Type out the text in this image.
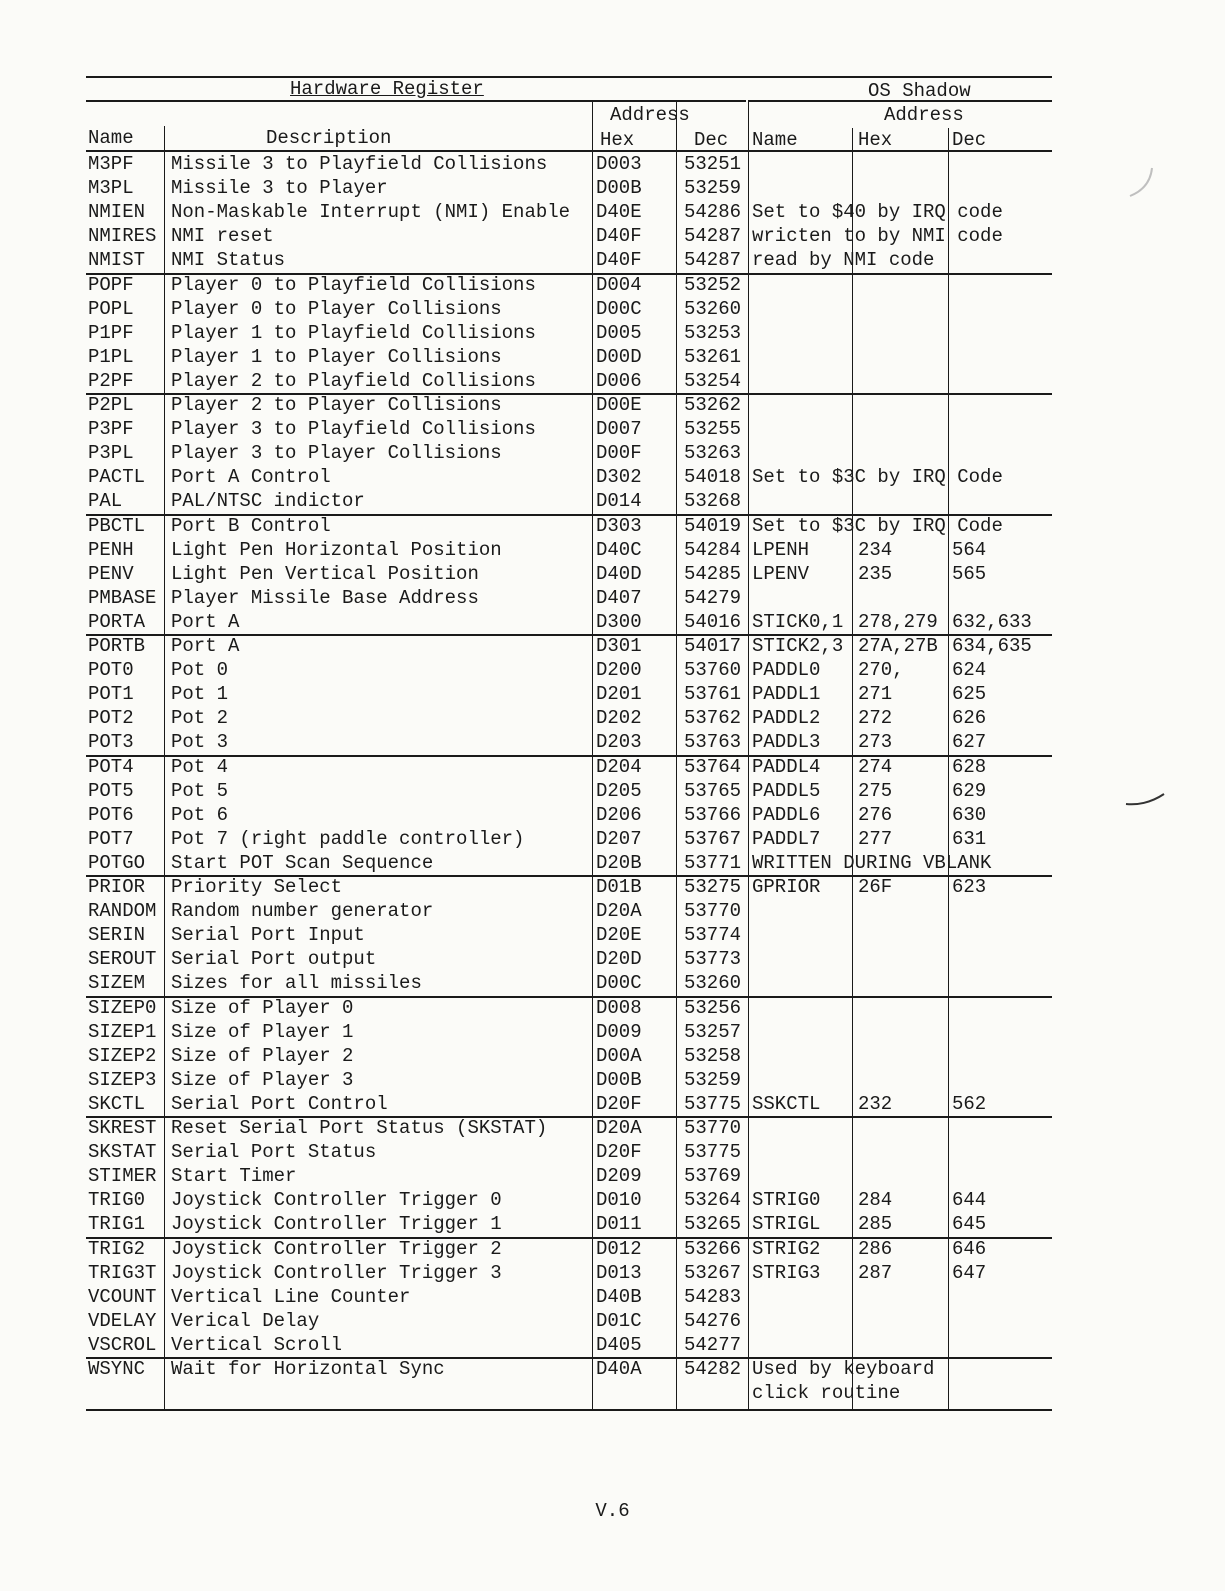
Hardware Register	OS Shadow
Address	Address
Name	Description	Hex	Dec Name	Hex	Dec
M3PF Missile 3 to Playfield Collisions	D003 53251
M3PL Missile 3 to Player	D00B 53259
NMIEN Non-Maskable Interrupt (NMI) Enable D40E 54286 Set to $40 by IRQ code
NMIRES NMI reset	D40F 54287 wricten to by NMI code
NMIST NMI Status	D40F 54287 read by NMI code
POPF Player 0 to Playfield Collisions	D004 53252
POPL Player 0 to Player Collisions	D00C 53260
P1PF Player 1 to Playfield Collisions	D005 53253
P1PL Player 1 to Player Collisions	D00D 53261
P2PF Player 2 to Playfield Collisions	D006 53254
P2PL Player 2 to Player Collisions	D00E 53262
P3PF Player 3 to Playfield Collisions	D007 53255
P3PL Player 3 to Player Collisions	D00F 53263
PACTL Port A Control	D302 54018 Set to $3C by IRQ Code
PAL	PAL/NTSC indictor	D014 53268
PBCTL Port B Control	D303 54019 Set to $3C by IRQ Code
PENH Light Pen Horizontal Position	D40C 54284 LPENH	234	564
PENV Light Pen Vertical Position	D40D 54285 LPENV	235	565
PMBASE Player Missile Base Address	D407 54279
PORTA Port A	D300 54016 STICK0,1 278,279 632,633
PORTB Port A	D301 54017 STICK2,3 27A,27B 634,635
POT0 Pot 0	D200 53760 PADDL0 270,	624
POT1 Pot 1	D201 53761 PADDL1 271	625
POT2 Pot 2	D202 53762 PADDL2 272	626
POT3 Pot 3	D203 53763 PADDL3 273	627
POT4 Pot 4	D204 53764 PADDL4 274	628
POT5 Pot 5	D205 53765 PADDL5 275	629
POT6 Pot 6	D206 53766 PADDL6 276	630
POT7 Pot 7 (right paddle controller)	D207 53767 PADDL7 277	631
POTGO Start POT Scan Sequence	D20B 53771 WRITTEN DURING VBLANK
PRIOR Priority Select	D01B 53275 GPRIOR 26F	623
RANDOM Random number generator	D20A 53770
SERIN Serial Port Input	D20E 53774
SEROUT Serial Port output	D20D 53773
SIZEM Sizes for all missiles	D00C 53260
SIZEP0 Size of Player 0	D008 53256
SIZEP1 Size of Player 1	D009 53257
SIZEP2 Size of Player 2	D00A 53258
SIZEP3 Size of Player 3	D00B 53259
SKCTL Serial Port Control	D20F 53775 SSKCTL 232	562
SKREST Reset Serial Port Status (SKSTAT)	D20A 53770
SKSTAT Serial Port Status	D20F 53775
STIMER Start Timer	D209 53769
TRIG0 Joystick Controller Trigger 0	D010 53264 STRIG0 284	644
TRIG1 Joystick Controller Trigger 1	D011 53265 STRIGL 285	645
TRIG2 Joystick Controller Trigger 2	D012 53266 STRIG2 286	646
TRIG3T Joystick Controller Trigger 3	D013 53267 STRIG3 287	647
VCOUNT Vertical Line Counter	D40B 54283
VDELAY Verical Delay	D01C 54276
VSCROL Vertical Scroll	D405 54277
WSYNC Wait for Horizontal Sync	D40A 54282 Used by keyboard
click routine
V.6
